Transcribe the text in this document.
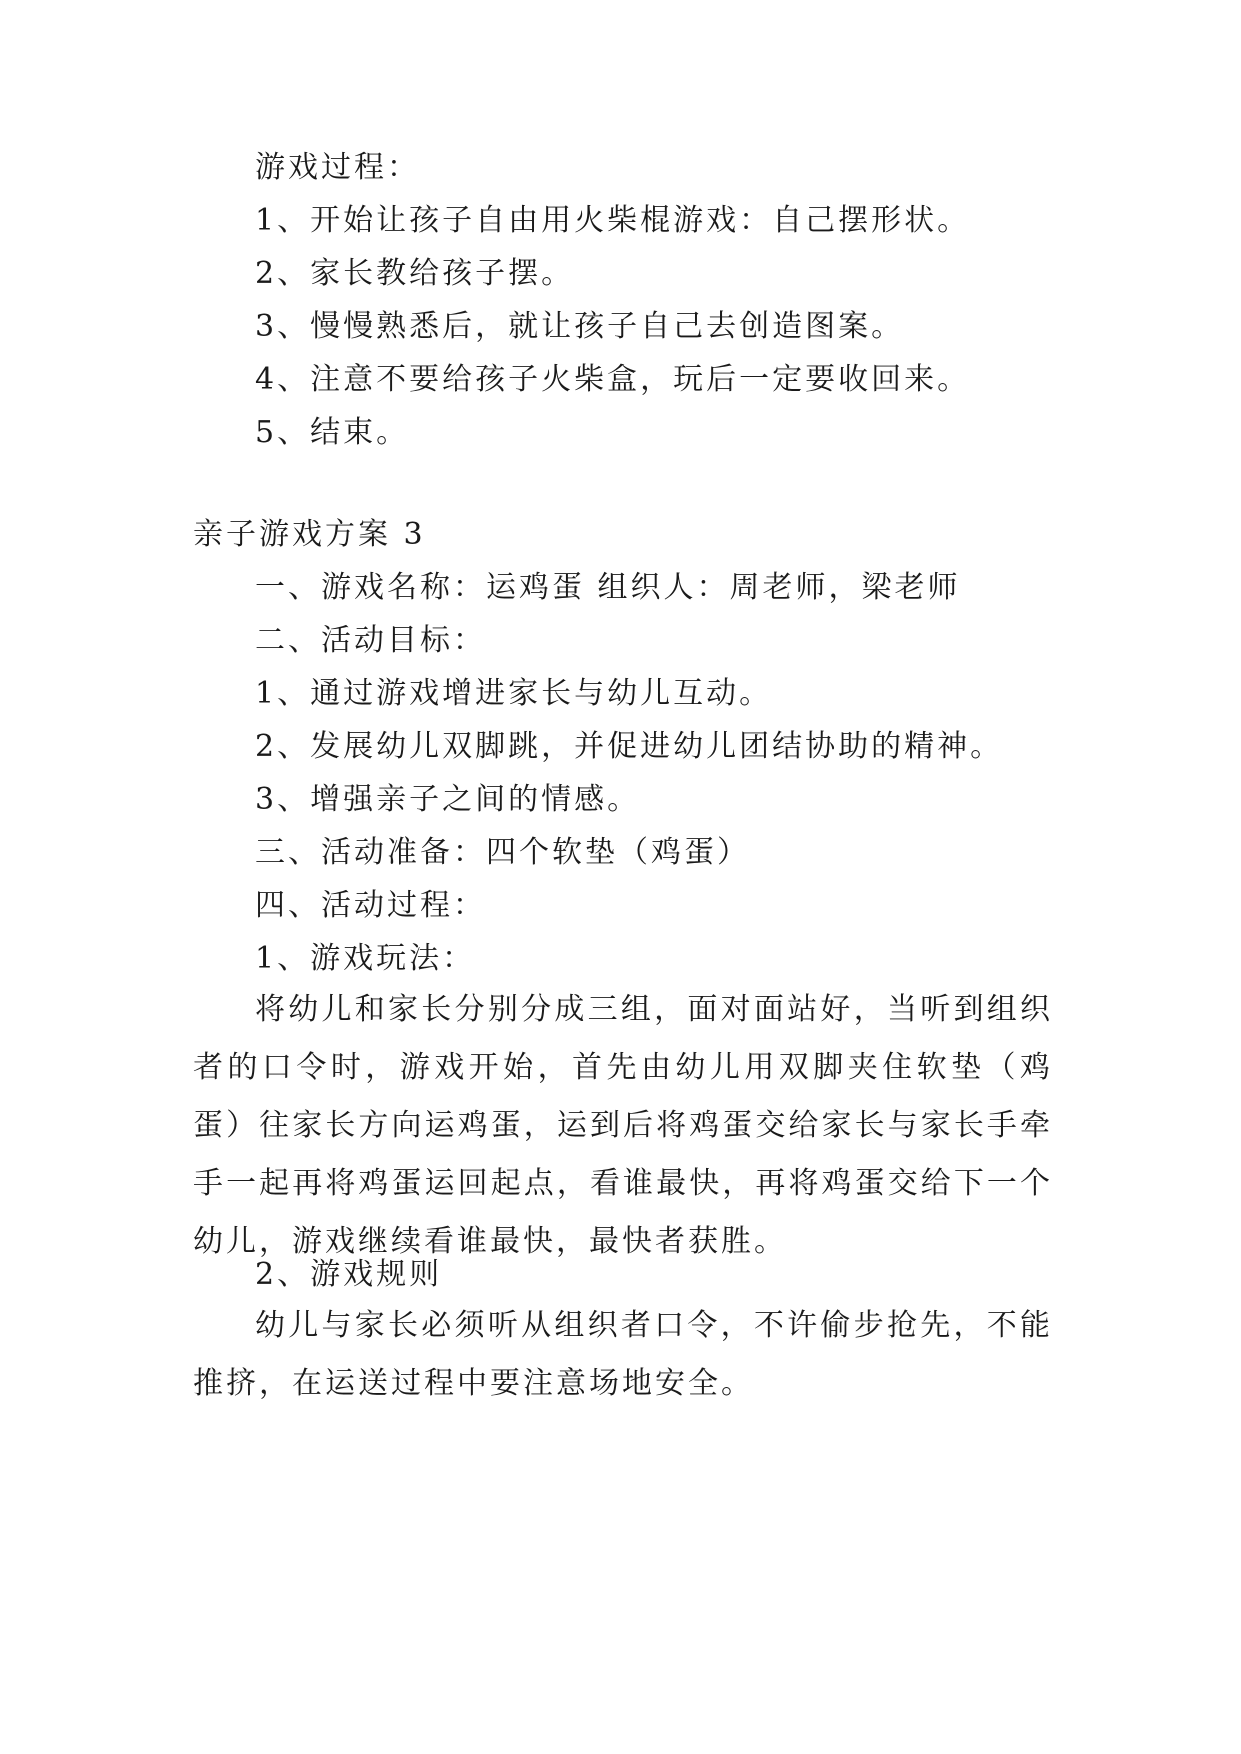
游戏过程：
1、开始让孩子自由用火柴棍游戏：自己摆形状。
2、家长教给孩子摆。
3、慢慢熟悉后，就让孩子自己去创造图案。
4、注意不要给孩子火柴盒，玩后一定要收回来。
5、结束。
亲子游戏方案 3
一、游戏名称：运鸡蛋 组织人：周老师，梁老师
二、活动目标：
1、通过游戏增进家长与幼儿互动。
2、发展幼儿双脚跳，并促进幼儿团结协助的精神。
3、增强亲子之间的情感。
三、活动准备：四个软垫（鸡蛋）
四、活动过程：
1、游戏玩法：
将幼儿和家长分别分成三组，面对面站好，当听到组织者的口令时，游戏开始，首先由幼儿用双脚夹住软垫（鸡蛋）往家长方向运鸡蛋，运到后将鸡蛋交给家长与家长手牵手一起再将鸡蛋运回起点，看谁最快，再将鸡蛋交给下一个幼儿，游戏继续看谁最快，最快者获胜。
2、游戏规则
幼儿与家长必须听从组织者口令，不许偷步抢先，不能推挤，在运送过程中要注意场地安全。
